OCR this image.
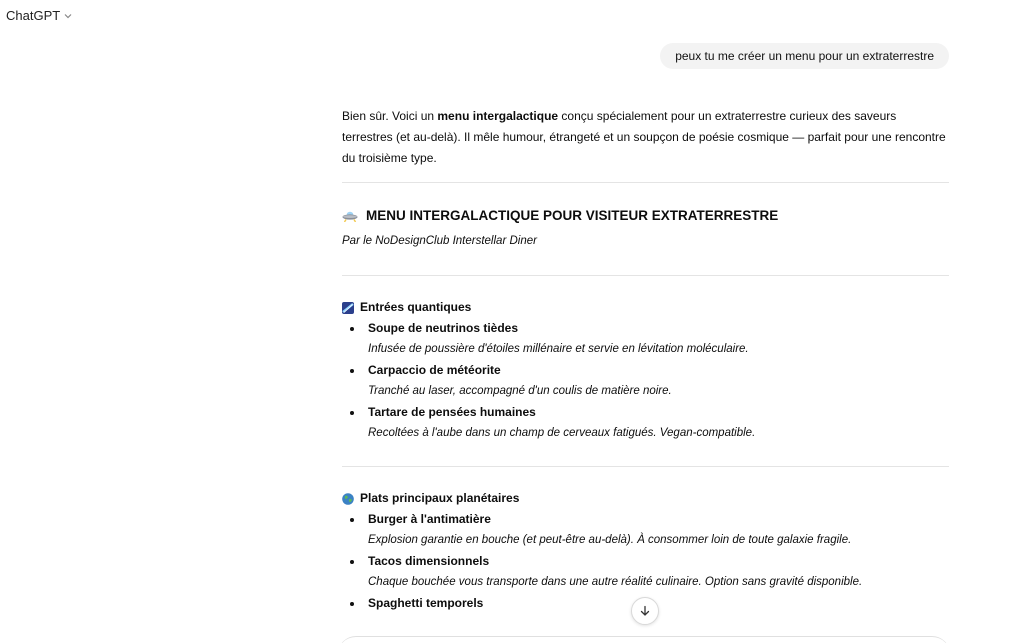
ChatGPT
peux tu me créer un menu pour un extraterrestre

Bien sûr. Voici un menu intergalactique conçu spécialement pour un extraterrestre curieux des saveurs terrestres (et au-delà). Il mêle humour, étrangeté et un soupçon de poésie cosmique — parfait pour une rencontre du troisième type.

MENU INTERGALACTIQUE POUR VISITEUR EXTRATERRESTRE
Par le NoDesignClub Interstellar Diner
Entrées quantiques
Soupe de neutrinos tièdes
Infusée de poussière d'étoiles millénaire et servie en lévitation moléculaire.
Carpaccio de météorite
Tranché au laser, accompagné d'un coulis de matière noire.
Tartare de pensées humaines
Recoltées à l'aube dans un champ de cerveaux fatigués. Vegan-compatible.
Plats principaux planétaires
Burger à l'antimatière
Explosion garantie en bouche (et peut-être au-delà). À consommer loin de toute galaxie fragile.
Tacos dimensionnels
Chaque bouchée vous transporte dans une autre réalité culinaire. Option sans gravité disponible.
Spaghetti temporels
